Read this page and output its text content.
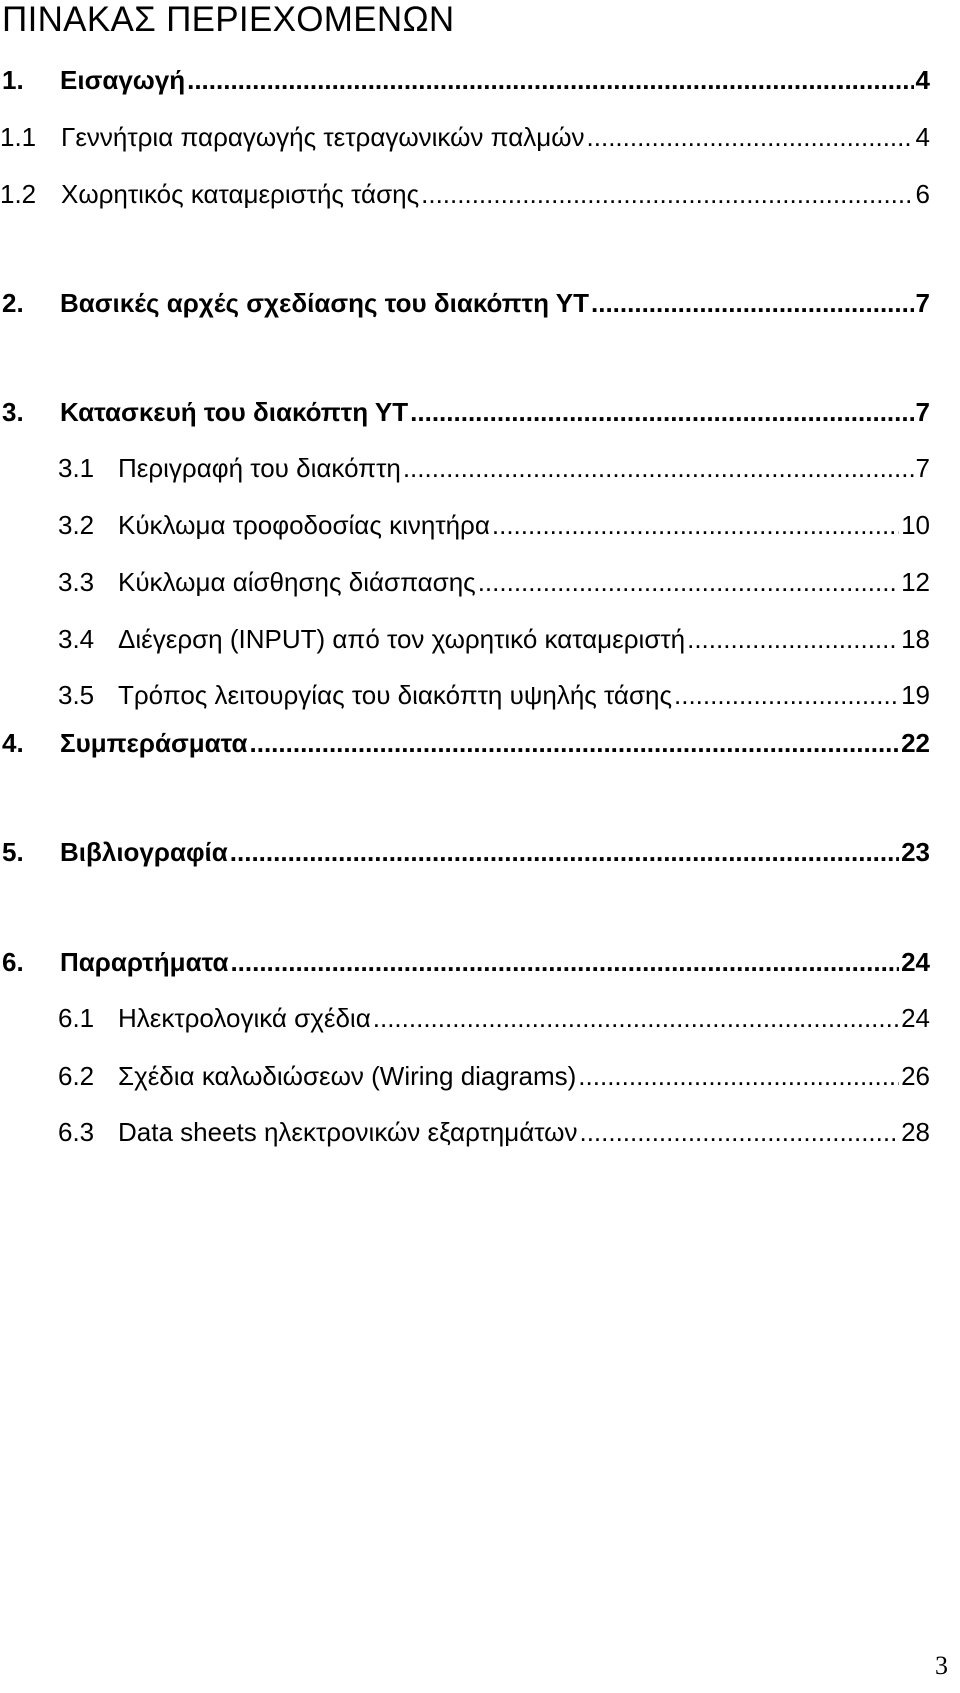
ΠΙΝΑΚΑΣ ΠΕΡΙΕΧΟΜΕΝΩΝ
1.	Εισαγωγή .....	4
1.1 Γεννήτρια παραγωγής τετραγωνικών παλμών .....	4
1.2 Χωρητικός καταμεριστής τάσης .....	6
2.	Βασικές αρχές σχεδίασης του διακόπτη ΥΤ .....	7
3.	Κατασκευή του διακόπτη ΥΤ .....	7
3.1 Περιγραφή του διακόπτη .....	7
3.2 Κύκλωμα τροφοδοσίας κινητήρα .....	10
3.3 Κύκλωμα αίσθησης διάσπασης .....	12
3.4 Διέγερση (INPUT) από τον χωρητικό καταμεριστή .....	18
3.5 Τρόπος λειτουργίας του διακόπτη υψηλής τάσης .....	19
4.	Συμπεράσματα .....	22
5.	Βιβλιογραφία .....	23
6.	Παραρτήματα .....	24
6.1 Ηλεκτρολογικά σχέδια .....	24
6.2 Σχέδια καλωδιώσεων (Wiring diagrams) .....	26
6.3 Data sheets ηλεκτρονικών εξαρτημάτων .....	28
3
